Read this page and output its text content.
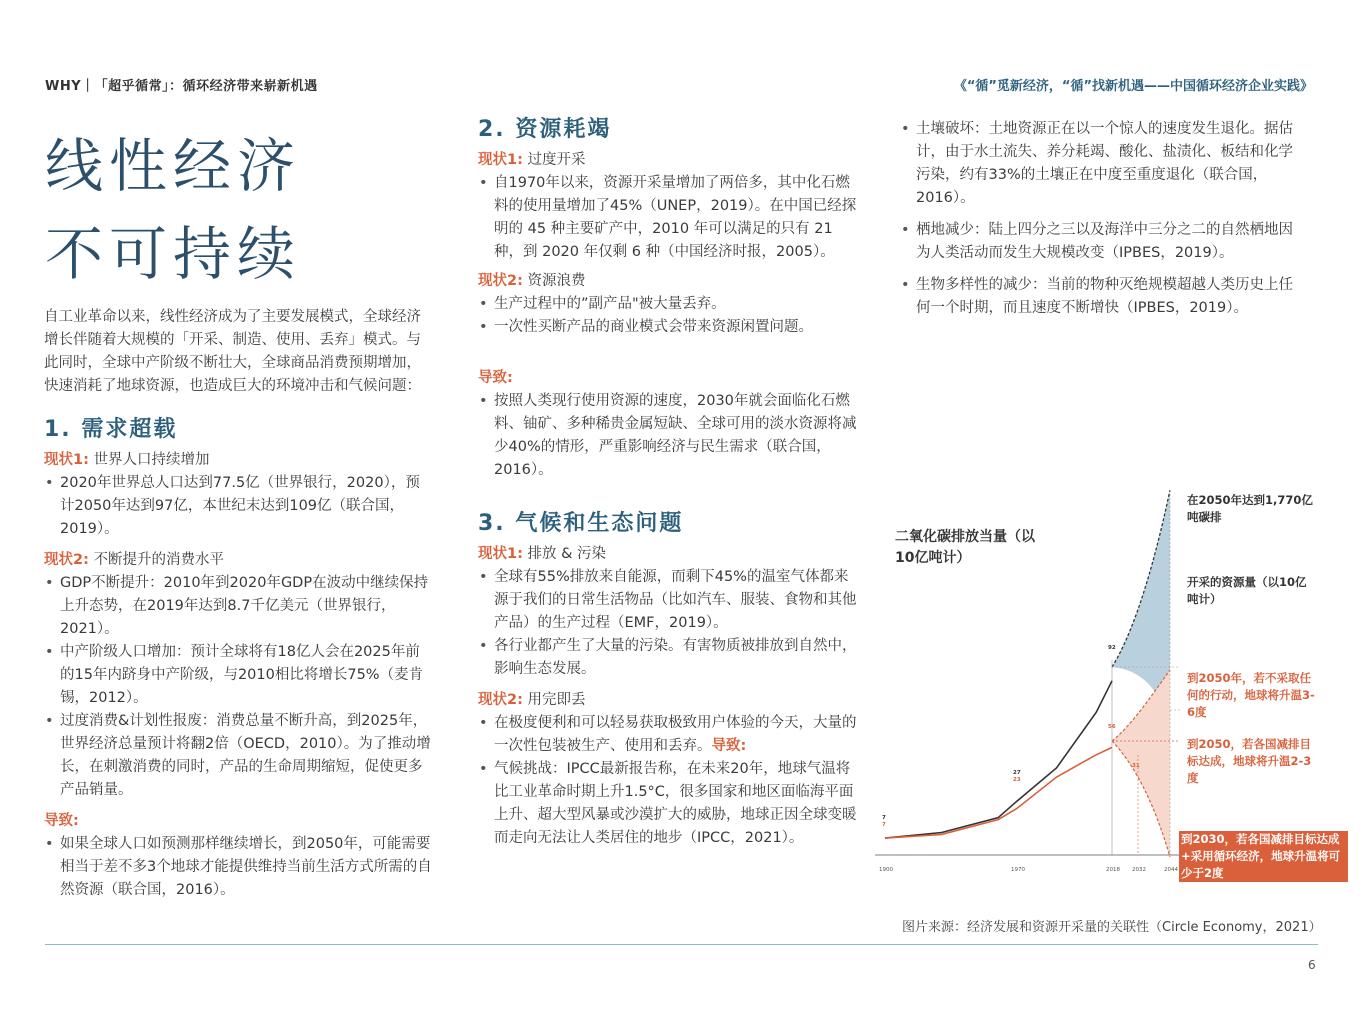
WHY｜「超乎循常」：循环经济带来崭新机遇	《“循”觅新经济，“循”找新机遇——中国循环经济企业实践》
线性经济
不可持续

自工业革命以来，线性经济成为了主要发展模式，全球经济增长伴随着大规模的「开采、制造、使用、丢弃」模式。与此同时，全球中产阶级不断壮大，全球商品消费预期增加，快速消耗了地球资源，也造成巨大的环境冲击和气候问题：

1. 需求超载

现状1: 世界人口持续增加

• 2020年世界总人口达到77.5亿（世界银行，2020），预计2050年达到97亿，本世纪末达到109亿（联合国，2019）。

现状2: 不断提升的消费水平

• GDP不断提升：2010年到2020年GDP在波动中继续保持上升态势，在2019年达到8.7千亿美元（世界银行，2021）。
• 中产阶级人口增加：预计全球将有18亿人会在2025年前的15年内跻身中产阶级，与2010相比将增长75%（麦肯锡，2012）。
• 过度消费&计划性报废：消费总量不断升高，到2025年，世界经济总量预计将翻2倍（OECD，2010）。为了推动增长，在刺激消费的同时，产品的生命周期缩短，促使更多产品销量。

导致:

• 如果全球人口如预测那样继续增长，到2050年，可能需要相当于差不多3个地球才能提供维持当前生活方式所需的自然资源（联合国，2016）。
2. 资源耗竭

现状1: 过度开采

• 自1970年以来，资源开采量增加了两倍多，其中化石燃料的使用量增加了45%（UNEP，2019）。在中国已经探明的 45 种主要矿产中，2010 年可以满足的只有 21 种，到 2020 年仅剩 6 种（中国经济时报，2005）。

现状2: 资源浪费

• 生产过程中的”副产品"被大量丢弃。
• 一次性买断产品的商业模式会带来资源闲置问题。

导致:

• 按照人类现行使用资源的速度，2030年就会面临化石燃料、铀矿、多种稀贵金属短缺、全球可用的淡水资源将减少40%的情形，严重影响经济与民生需求（联合国，2016）。
3. 气候和生态问题

现状1: 排放 & 污染

• 全球有55%排放来自能源，而剩下45%的温室气体都来源于我们的日常生活物品（比如汽车、服装、食物和其他产品）的生产过程（EMF，2019）。
• 各行业都产生了大量的污染。有害物质被排放到自然中，影响生态发展。

现状2: 用完即丢

• 在极度便利和可以轻易获取极致用户体验的今天，大量的一次性包装被生产、使用和丢弃。导致:
• 气候挑战：IPCC最新报告称，在未来20年，地球气温将比工业革命时期上升1.5°C，很多国家和地区面临海平面上升、超大型风暴或沙漠扩大的威胁，地球正因全球变暖而走向无法让人类居住的地步（IPCC，2021）。
• 土壤破坏：土地资源正在以一个惊人的速度发生退化。据估计，由于水土流失、养分耗竭、酸化、盐渍化、板结和化学污染，约有33%的土壤正在中度至重度退化（联合国，2016）。
• 栖地减少：陆上四分之三以及海洋中三分之二的自然栖地因为人类活动而发生大规模改变（IPBES，2019）。
• 生物多样性的减少：当前的物种灭绝规模超越人类历史上任何一个时期，而且速度不断增快（IPBES，2019）。
二氧化碳排放当量（以10亿吨计）
1900	1970	2018 2032	2044
7
7
27
23
92
56
31
在2050年达到1,770亿吨碳排
开采的资源量（以10亿吨计）
到2050年，若不采取任何的行动，地球将升温3-6度
到2050，若各国减排目标达成，地球将升温2-3度
到2030，若各国减排目标达成+采用循环经济，地球升温将可少于2度
图片来源：经济发展和资源开采量的关联性（Circle Economy，2021）
6
